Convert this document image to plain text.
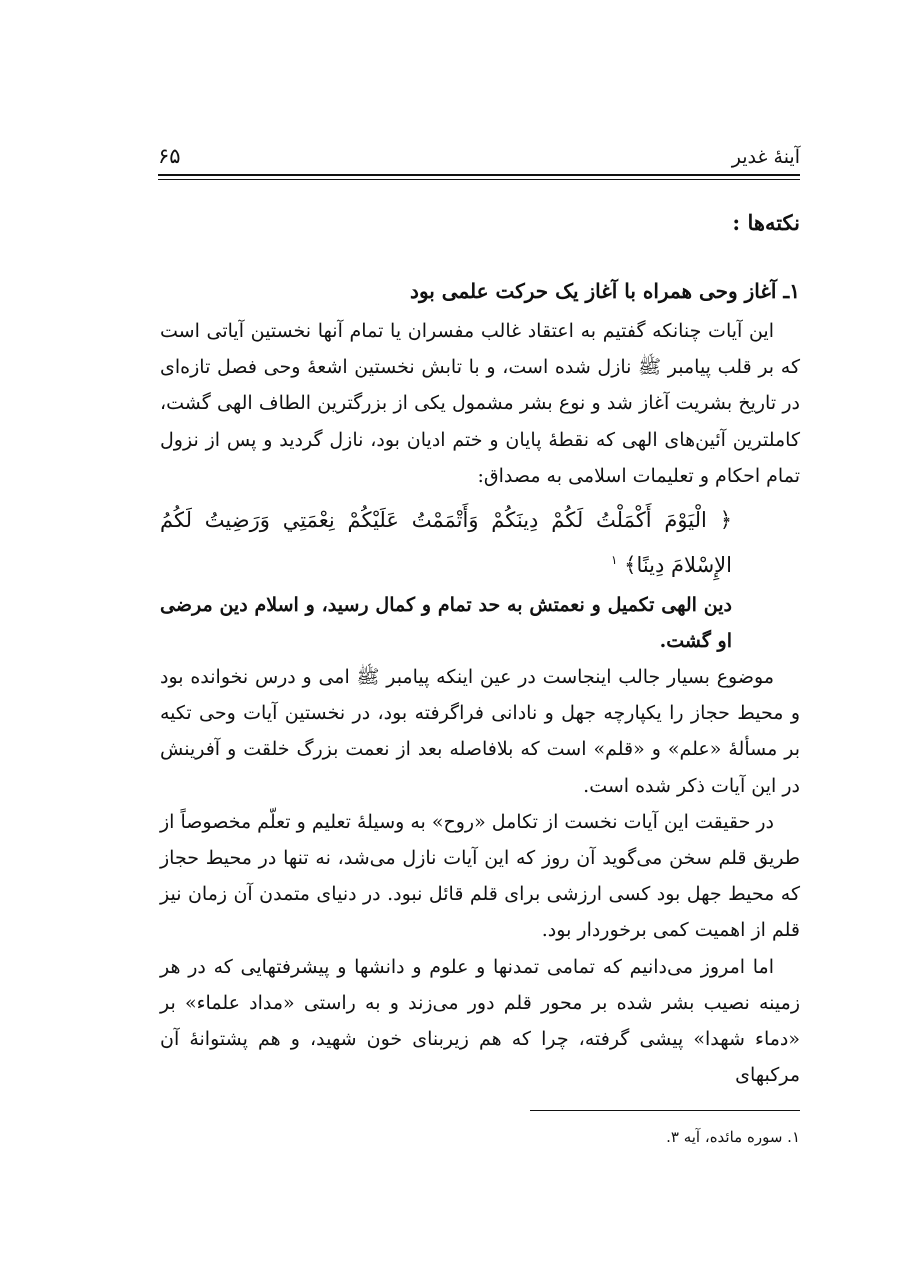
آینهٔ غدیر
۶۵
نکته‌ها :
۱ـ آغاز وحی همراه با آغاز یک حرکت علمی بود

این آیات چنانکه گفتیم به اعتقاد غالب مفسران یا تمام آنها نخستین آیاتی است که بر قلب پیامبر ﷺ نازل شده است، و با تابش نخستین اشعهٔ وحی فصل تازه‌ای در تاریخ بشریت آغاز شد و نوع بشر مشمول یکی از بزرگترین الطاف الهی گشت، کاملترین آئین‌های الهی که نقطهٔ پایان و ختم ادیان بود، نازل گردید و پس از نزول تمام احکام و تعلیمات اسلامی به مصداق:

﴿ الْيَوْمَ أَكْمَلْتُ لَكُمْ دِينَكُمْ وَأَتْمَمْتُ عَلَيْكُمْ نِعْمَتِي وَرَضِيتُ لَكُمُ الإِسْلامَ دِينًا﴾ $^۱$
دین الهی تکمیل و نعمتش به حد تمام و کمال رسید، و اسلام دین مرضی او گشت.

موضوع بسیار جالب اینجاست در عین اینکه پیامبر ﷺ امی و درس نخوانده بود و محیط حجاز را یکپارچه جهل و نادانی فراگرفته بود، در نخستین آیات وحی تکیه بر مسألهٔ «علم» و «قلم» است که بلافاصله بعد از نعمت بزرگ خلقت و آفرینش در این آیات ذکر شده است.

در حقیقت این آیات نخست از تکامل «روح» به وسیلهٔ تعلیم و تعلّم مخصوصاً از طریق قلم سخن می‌گوید آن روز که این آیات نازل می‌شد، نه تنها در محیط حجاز که محیط جهل بود کسی ارزشی برای قلم قائل نبود. در دنیای متمدن آن زمان نیز قلم از اهمیت کمی برخوردار بود.

اما امروز می‌دانیم که تمامی تمدنها و علوم و دانشها و پیشرفتهایی که در هر زمینه نصیب بشر شده بر محور قلم دور می‌زند و به راستی «مداد علماء» بر «دماء شهدا» پیشی گرفته، چرا که هم زیربنای خون شهید، و هم پشتوانهٔ آن مرکبهای

۱. سوره مائده، آیه ۳.
